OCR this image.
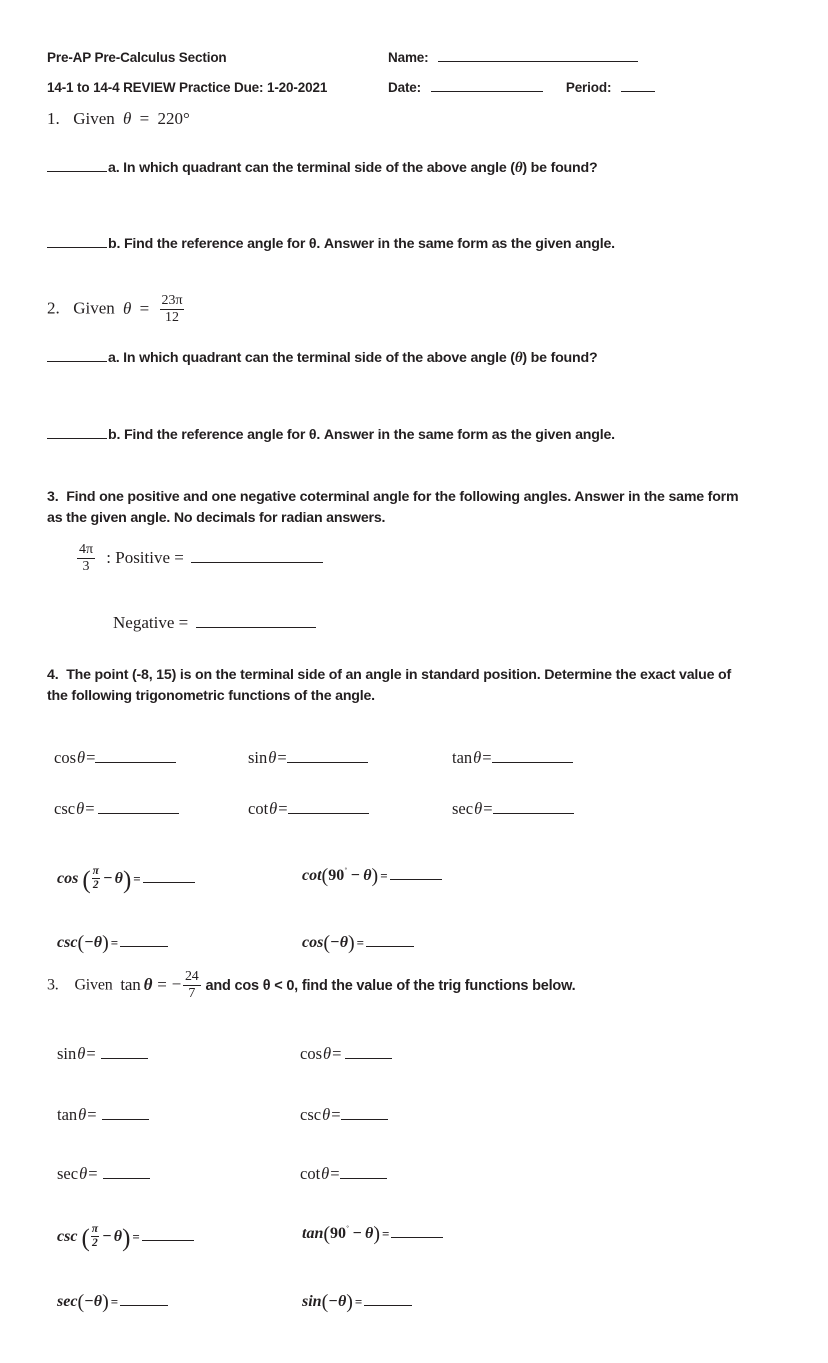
Pre-AP Pre-Calculus Section	Name:
14-1 to 14-4 REVIEW Practice Due: 1-20-2021	Date:	Period:
1. Given θ = 220°
a. In which quadrant can the terminal side of the above angle (θ) be found?
b. Find the reference angle for θ. Answer in the same form as the given angle.
2. Given $\theta = \frac{23\pi}{12}$
a. In which quadrant can the terminal side of the above angle (θ) be found?
b. Find the reference angle for θ. Answer in the same form as the given angle.
3. Find one positive and one negative coterminal angle for the following angles. Answer in the same form
as the given angle. No decimals for radian answers.
$\frac{4\pi}{3}$ : Positive =
Negative =
4. The point (-8, 15) is on the terminal side of an angle in standard position. Determine the exact value of
the following trigonometric functions of the angle.
cosθ=	sinθ=	tanθ=
cscθ=	cotθ=	secθ=
cos ( $\frac{\pi}{2} - \theta$) =	cot(90˚ − θ) =
csc(−θ) =	cos(−θ) =
3. Given tan θ = − $\frac{24}{7}$ and cos θ < 0, find the value of the trig functions below.
sinθ=	cosθ=
tanθ=	cscθ=
secθ=	cotθ=
csc ( $\frac{\pi}{2} - \theta$) =	tan(90˚ − θ) =
sec(−θ) =	sin(−θ) =
